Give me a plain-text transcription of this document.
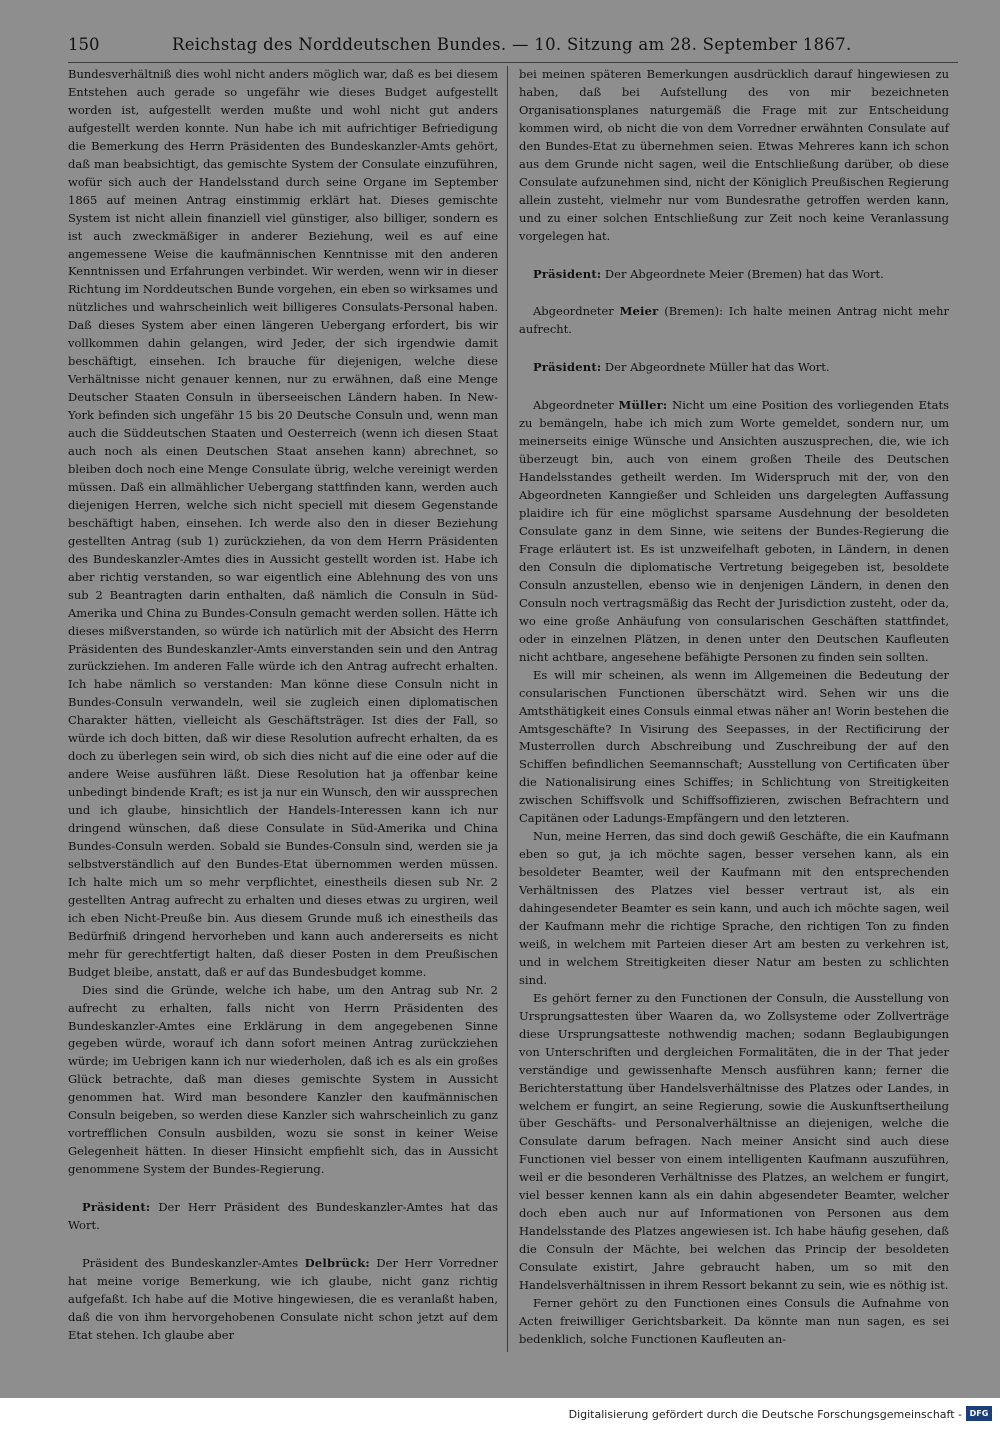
150	Reichstag des Norddeutschen Bundes. — 10. Sitzung am 28. September 1867.

Bundesverhältniß dies wohl nicht anders möglich war, daß es bei diesem Entstehen auch gerade so ungefähr wie dieses Budget aufgestellt worden ist, aufgestellt werden mußte und wohl nicht gut anders aufgestellt werden konnte. Nun habe ich mit aufrichtiger Befriedigung die Bemerkung des Herrn Präsidenten des Bundeskanzler-Amts gehört, daß man beabsichtigt, das gemischte System der Consulate einzuführen, wofür sich auch der Handelsstand durch seine Organe im September 1865 auf meinen Antrag einstimmig erklärt hat. Dieses gemischte System ist nicht allein finanziell viel günstiger, also billiger, sondern es ist auch zweckmäßiger in anderer Beziehung, weil es auf eine angemessene Weise die kaufmännischen Kenntnisse mit den anderen Kenntnissen und Erfahrungen verbindet. Wir werden, wenn wir in dieser Richtung im Norddeutschen Bunde vorgehen, ein eben so wirksames und nützliches und wahrscheinlich weit billigeres Consulats-Personal haben. Daß dieses System aber einen längeren Uebergang erfordert, bis wir vollkommen dahin gelangen, wird Jeder, der sich irgendwie damit beschäftigt, einsehen. Ich brauche für diejenigen, welche diese Verhältnisse nicht genauer kennen, nur zu erwähnen, daß eine Menge Deutscher Staaten Consuln in überseeischen Ländern haben. In New-York befinden sich ungefähr 15 bis 20 Deutsche Consuln und, wenn man auch die Süddeutschen Staaten und Oesterreich (wenn ich diesen Staat auch noch als einen Deutschen Staat ansehen kann) abrechnet, so bleiben doch noch eine Menge Consulate übrig, welche vereinigt werden müssen. Daß ein allmählicher Uebergang stattfinden kann, werden auch diejenigen Herren, welche sich nicht speciell mit diesem Gegenstande beschäftigt haben, einsehen. Ich werde also den in dieser Beziehung gestellten Antrag (sub 1) zurückziehen, da von dem Herrn Präsidenten des Bundeskanzler-Amtes dies in Aussicht gestellt worden ist. Habe ich aber richtig verstanden, so war eigentlich eine Ablehnung des von uns sub 2 Beantragten darin enthalten, daß nämlich die Consuln in Süd-Amerika und China zu Bundes-Consuln gemacht werden sollen. Hätte ich dieses mißverstanden, so würde ich natürlich mit der Absicht des Herrn Präsidenten des Bundeskanzler-Amts einverstanden sein und den Antrag zurückziehen. Im anderen Falle würde ich den Antrag aufrecht erhalten. Ich habe nämlich so verstanden: Man könne diese Consuln nicht in Bundes-Consuln verwandeln, weil sie zugleich einen diplomatischen Charakter hätten, vielleicht als Geschäftsträger. Ist dies der Fall, so würde ich doch bitten, daß wir diese Resolution aufrecht erhalten, da es doch zu überlegen sein wird, ob sich dies nicht auf die eine oder auf die andere Weise ausführen läßt. Diese Resolution hat ja offenbar keine unbedingt bindende Kraft; es ist ja nur ein Wunsch, den wir aussprechen und ich glaube, hinsichtlich der Handels-Interessen kann ich nur dringend wünschen, daß diese Consulate in Süd-Amerika und China Bundes-Consuln werden. Sobald sie Bundes-Consuln sind, werden sie ja selbstverständlich auf den Bundes-Etat übernommen werden müssen. Ich halte mich um so mehr verpflichtet, einestheils diesen sub Nr. 2 gestellten Antrag aufrecht zu erhalten und dieses etwas zu urgiren, weil ich eben Nicht-Preuße bin. Aus diesem Grunde muß ich einestheils das Bedürfniß dringend hervorheben und kann auch andererseits es nicht mehr für gerechtfertigt halten, daß dieser Posten in dem Preußischen Budget bleibe, anstatt, daß er auf das Bundesbudget komme.

Dies sind die Gründe, welche ich habe, um den Antrag sub Nr. 2 aufrecht zu erhalten, falls nicht von Herrn Präsidenten des Bundeskanzler-Amtes eine Erklärung in dem angegebenen Sinne gegeben würde, worauf ich dann sofort meinen Antrag zurückziehen würde; im Uebrigen kann ich nur wiederholen, daß ich es als ein großes Glück betrachte, daß man dieses gemischte System in Aussicht genommen hat. Wird man besondere Kanzler den kaufmännischen Consuln beigeben, so werden diese Kanzler sich wahrscheinlich zu ganz vortrefflichen Consuln ausbilden, wozu sie sonst in keiner Weise Gelegenheit hätten. In dieser Hinsicht empfiehlt sich, das in Aussicht genommene System der Bundes-Regierung.

Präsident: Der Herr Präsident des Bundeskanzler-Amtes hat das Wort.

Präsident des Bundeskanzler-Amtes Delbrück: Der Herr Vorredner hat meine vorige Bemerkung, wie ich glaube, nicht ganz richtig aufgefaßt. Ich habe auf die Motive hingewiesen, die es veranlaßt haben, daß die von ihm hervorgehobenen Consulate nicht schon jetzt auf dem Etat stehen. Ich glaube aber

bei meinen späteren Bemerkungen ausdrücklich darauf hingewiesen zu haben, daß bei Aufstellung des von mir bezeichneten Organisationsplanes naturgemäß die Frage mit zur Entscheidung kommen wird, ob nicht die von dem Vorredner erwähnten Consulate auf den Bundes-Etat zu übernehmen seien. Etwas Mehreres kann ich schon aus dem Grunde nicht sagen, weil die Entschließung darüber, ob diese Consulate aufzunehmen sind, nicht der Königlich Preußischen Regierung allein zusteht, vielmehr nur vom Bundesrathe getroffen werden kann, und zu einer solchen Entschließung zur Zeit noch keine Veranlassung vorgelegen hat.

Präsident: Der Abgeordnete Meier (Bremen) hat das Wort.

Abgeordneter Meier (Bremen): Ich halte meinen Antrag nicht mehr aufrecht.

Präsident: Der Abgeordnete Müller hat das Wort.

Abgeordneter Müller: Nicht um eine Position des vorliegenden Etats zu bemängeln, habe ich mich zum Worte gemeldet, sondern nur, um meinerseits einige Wünsche und Ansichten auszusprechen, die, wie ich überzeugt bin, auch von einem großen Theile des Deutschen Handelsstandes getheilt werden. Im Widerspruch mit der, von den Abgeordneten Kanngießer und Schleiden uns dargelegten Auffassung plaidire ich für eine möglichst sparsame Ausdehnung der besoldeten Consulate ganz in dem Sinne, wie seitens der Bundes-Regierung die Frage erläutert ist. Es ist unzweifelhaft geboten, in Ländern, in denen den Consuln die diplomatische Vertretung beigegeben ist, besoldete Consuln anzustellen, ebenso wie in denjenigen Ländern, in denen den Consuln noch vertragsmäßig das Recht der Jurisdiction zusteht, oder da, wo eine große Anhäufung von consularischen Geschäften stattfindet, oder in einzelnen Plätzen, in denen unter den Deutschen Kaufleuten nicht achtbare, angesehene befähigte Personen zu finden sein sollten.

Es will mir scheinen, als wenn im Allgemeinen die Bedeutung der consularischen Functionen überschätzt wird. Sehen wir uns die Amtsthätigkeit eines Consuls einmal etwas näher an! Worin bestehen die Amtsgeschäfte? In Visirung des Seepasses, in der Rectificirung der Musterrollen durch Abschreibung und Zuschreibung der auf den Schiffen befindlichen Seemannschaft; Ausstellung von Certificaten über die Nationalisirung eines Schiffes; in Schlichtung von Streitigkeiten zwischen Schiffsvolk und Schiffsoffizieren, zwischen Befrachtern und Capitänen oder Ladungs-Empfängern und den letzteren.

Nun, meine Herren, das sind doch gewiß Geschäfte, die ein Kaufmann eben so gut, ja ich möchte sagen, besser versehen kann, als ein besoldeter Beamter, weil der Kaufmann mit den entsprechenden Verhältnissen des Platzes viel besser vertraut ist, als ein dahingesendeter Beamter es sein kann, und auch ich möchte sagen, weil der Kaufmann mehr die richtige Sprache, den richtigen Ton zu finden weiß, in welchem mit Parteien dieser Art am besten zu verkehren ist, und in welchem Streitigkeiten dieser Natur am besten zu schlichten sind.

Es gehört ferner zu den Functionen der Consuln, die Ausstellung von Ursprungsattesten über Waaren da, wo Zollsysteme oder Zollverträge diese Ursprungsatteste nothwendig machen; sodann Beglaubigungen von Unterschriften und dergleichen Formalitäten, die in der That jeder verständige und gewissenhafte Mensch ausführen kann; ferner die Berichterstattung über Handelsverhältnisse des Platzes oder Landes, in welchem er fungirt, an seine Regierung, sowie die Auskunftsertheilung über Geschäfts- und Personalverhältnisse an diejenigen, welche die Consulate darum befragen. Nach meiner Ansicht sind auch diese Functionen viel besser von einem intelligenten Kaufmann auszuführen, weil er die besonderen Verhältnisse des Platzes, an welchem er fungirt, viel besser kennen kann als ein dahin abgesendeter Beamter, welcher doch eben auch nur auf Informationen von Personen aus dem Handelsstande des Platzes angewiesen ist. Ich habe häufig gesehen, daß die Consuln der Mächte, bei welchen das Princip der besoldeten Consulate existirt, Jahre gebraucht haben, um so mit den Handelsverhältnissen in ihrem Ressort bekannt zu sein, wie es nöthig ist.

Ferner gehört zu den Functionen eines Consuls die Aufnahme von Acten freiwilliger Gerichtsbarkeit. Da könnte man nun sagen, es sei bedenklich, solche Functionen Kaufleuten an-

Digitalisierung gefördert durch die Deutsche Forschungsgemeinschaft - DFG
